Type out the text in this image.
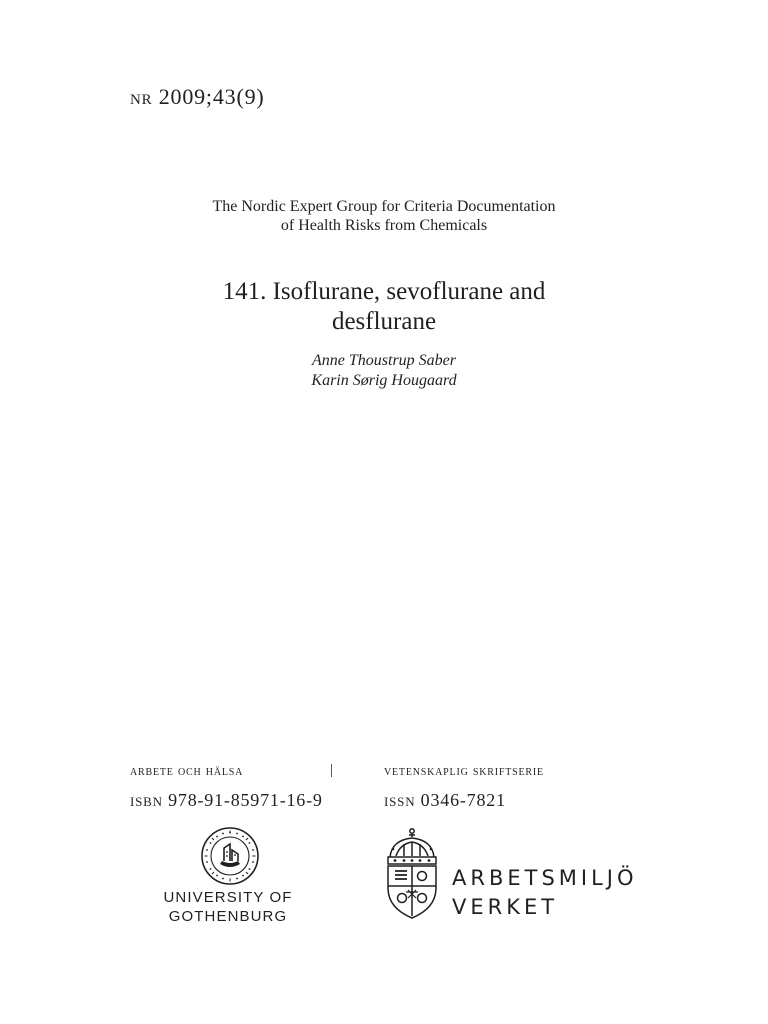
nr 2009;43(9)
The Nordic Expert Group for Criteria Documentation
of Health Risks from Chemicals
141. Isoflurane, sevoflurane and
desflurane
Anne Thoustrup Saber
Karin Sørig Hougaard
arbete och hälsa	|	vetenskaplig skriftserie
isbn 978-91-85971-16-9	issn 0346-7821
UNIVERSITY OF
GOTHENBURG
ARBETSMILJÖ
VERKET
